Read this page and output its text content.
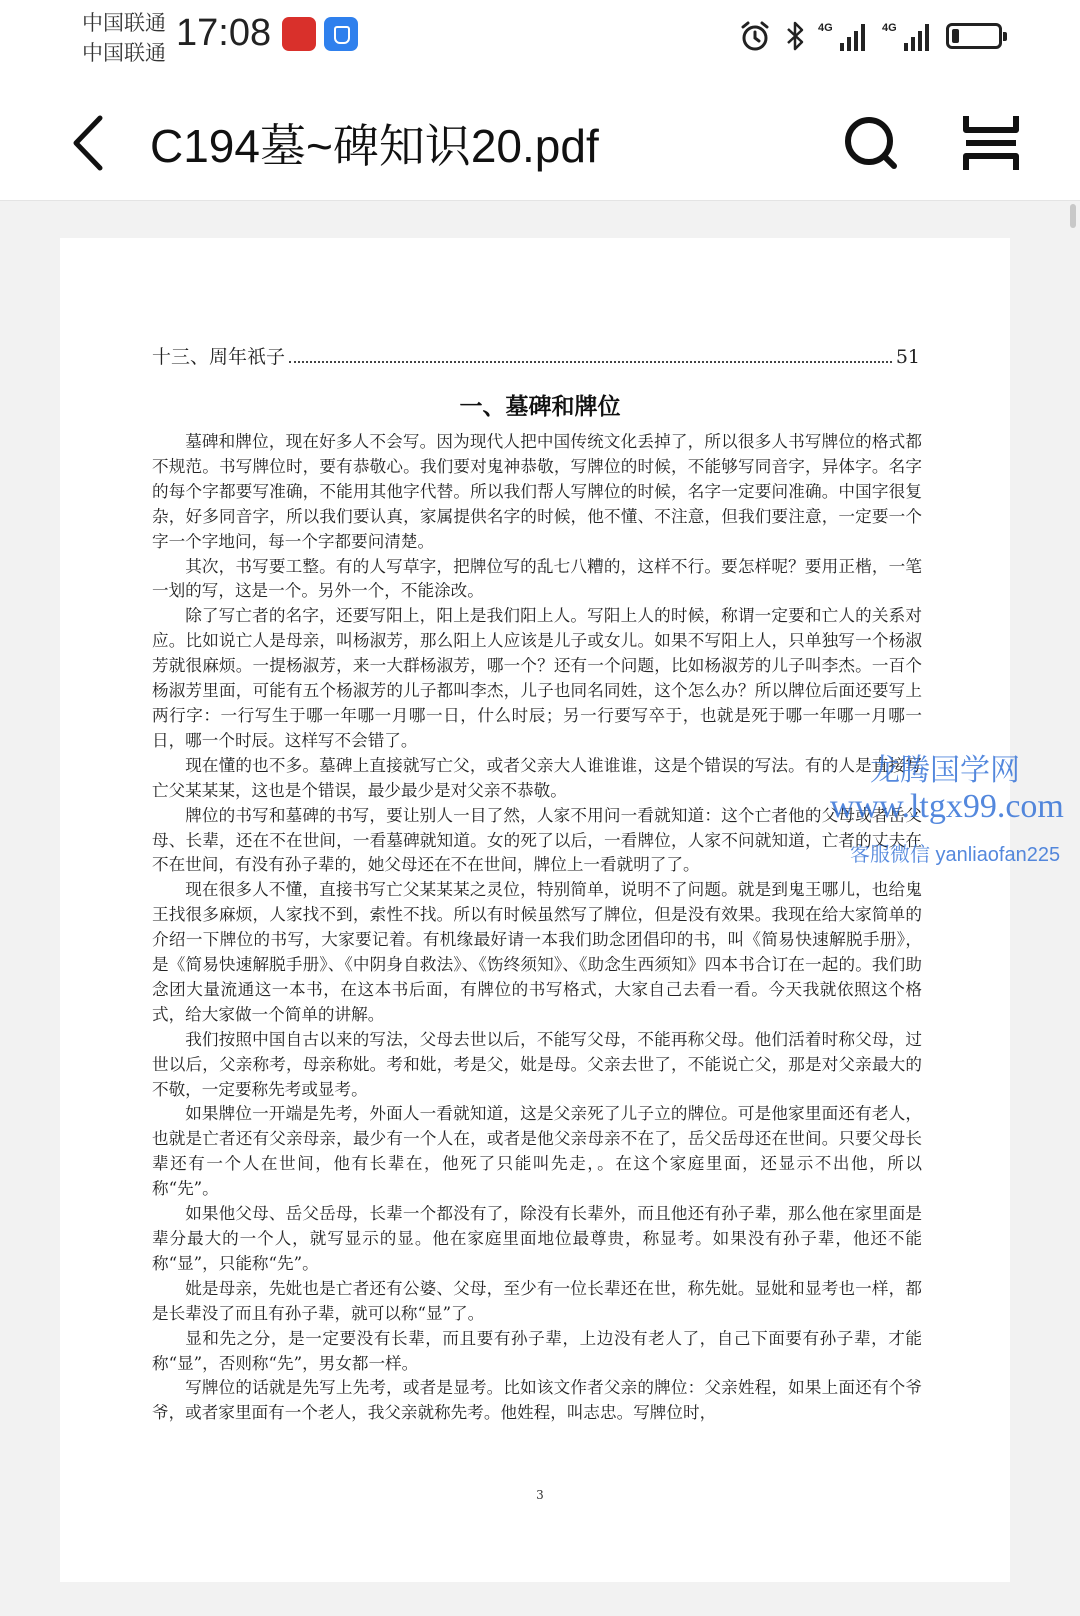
中国联通
中国联通 17:08	4G	4G
C194墓~碑知识20.pdf
十三、周年祇子	51
一、墓碑和牌位

墓碑和牌位，现在好多人不会写。因为现代人把中国传统文化丢掉了，所以很多人书写牌位的格式都不规范。书写牌位时，要有恭敬心。我们要对鬼神恭敬，写牌位的时候，不能够写同音字，异体字。名字的每个字都要写准确，不能用其他字代替。所以我们帮人写牌位的时候，名字一定要问准确。中国字很复杂，好多同音字，所以我们要认真，家属提供名字的时候，他不懂、不注意，但我们要注意，一定要一个字一个字地问，每一个字都要问清楚。

其次，书写要工整。有的人写草字，把牌位写的乱七八糟的，这样不行。要怎样呢？要用正楷，一笔一划的写，这是一个。另外一个，不能涂改。

除了写亡者的名字，还要写阳上，阳上是我们阳上人。写阳上人的时候，称谓一定要和亡人的关系对应。比如说亡人是母亲，叫杨淑芳，那么阳上人应该是儿子或女儿。如果不写阳上人，只单独写一个杨淑芳就很麻烦。一提杨淑芳，来一大群杨淑芳，哪一个？还有一个问题，比如杨淑芳的儿子叫李杰。一百个杨淑芳里面，可能有五个杨淑芳的儿子都叫李杰，儿子也同名同姓，这个怎么办？所以牌位后面还要写上两行字：一行写生于哪一年哪一月哪一日，什么时辰；另一行要写卒于，也就是死于哪一年哪一月哪一日，哪一个时辰。这样写不会错了。

现在懂的也不多。墓碑上直接就写亡父，或者父亲大人谁谁谁，这是个错误的写法。有的人是直接写亡父某某某，这也是个错误，最少最少是对父亲不恭敬。

牌位的书写和墓碑的书写，要让别人一目了然，人家不用问一看就知道：这个亡者他的父母或者岳父母、长辈，还在不在世间，一看墓碑就知道。女的死了以后，一看牌位，人家不问就知道，亡者的丈夫在不在世间，有没有孙子辈的，她父母还在不在世间，牌位上一看就明了了。

现在很多人不懂，直接书写亡父某某某之灵位，特别简单，说明不了问题。就是到鬼王哪儿，也给鬼王找很多麻烦，人家找不到，索性不找。所以有时候虽然写了牌位，但是没有效果。我现在给大家简单的介绍一下牌位的书写，大家要记着。有机缘最好请一本我们助念团倡印的书，叫《简易快速解脱手册》，是《简易快速解脱手册》、《中阴身自救法》、《饬终须知》、《助念生西须知》四本书合订在一起的。我们助念团大量流通这一本书，在这本书后面，有牌位的书写格式，大家自己去看一看。今天我就依照这个格式，给大家做一个简单的讲解。

我们按照中国自古以来的写法，父母去世以后，不能写父母，不能再称父母。他们活着时称父母，过世以后，父亲称考，母亲称妣。考和妣，考是父，妣是母。父亲去世了，不能说亡父，那是对父亲最大的不敬，一定要称先考或显考。

如果牌位一开端是先考，外面人一看就知道，这是父亲死了儿子立的牌位。可是他家里面还有老人，也就是亡者还有父亲母亲，最少有一个人在，或者是他父亲母亲不在了，岳父岳母还在世间。只要父母长辈还有一个人在世间，他有长辈在，他死了只能叫先走，。在这个家庭里面，还显示不出他，所以称“先”。

如果他父母、岳父岳母，长辈一个都没有了，除没有长辈外，而且他还有孙子辈，那么他在家里面是辈分最大的一个人，就写显示的显。他在家庭里面地位最尊贵，称显考。如果没有孙子辈，他还不能称“显”，只能称“先”。

妣是母亲，先妣也是亡者还有公婆、父母，至少有一位长辈还在世，称先妣。显妣和显考也一样，都是长辈没了而且有孙子辈，就可以称“显”了。

显和先之分，是一定要没有长辈，而且要有孙子辈，上边没有老人了，自己下面要有孙子辈，才能称“显”，否则称“先”，男女都一样。

写牌位的话就是先写上先考，或者是显考。比如该文作者父亲的牌位：父亲姓程，如果上面还有个爷爷，或者家里面有一个老人，我父亲就称先考。他姓程，叫志忠。写牌位时，

3
龙腾国学网
www.ltgx99.com
客服微信 yanliaofan225
